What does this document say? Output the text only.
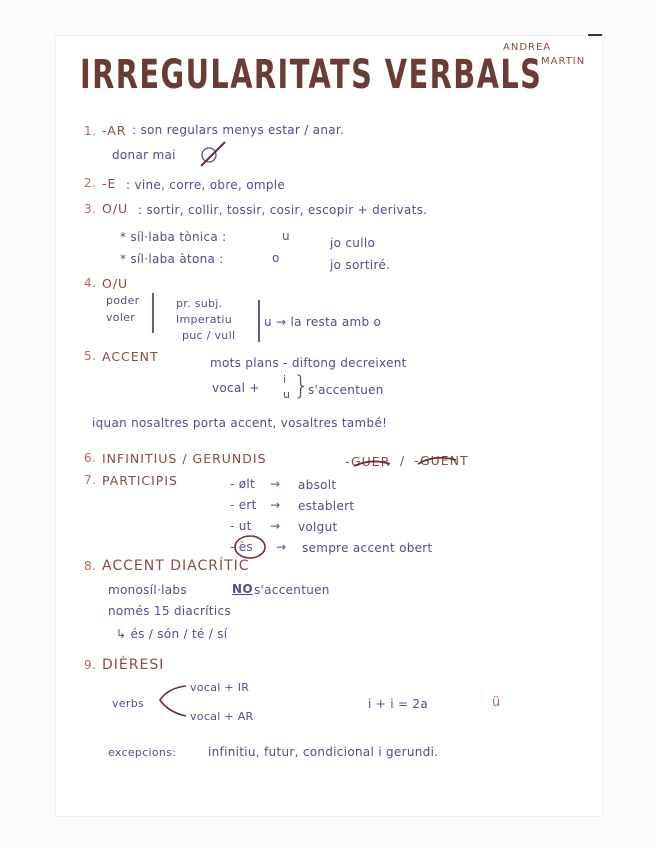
ANDREA
MARTIN
IRREGULARITATS VERBALS
1. -AR : son regulars menys estar / anar.
donar mai
2. -E : vine, corre, obre, omple
3. O/U : sortir, collir, tossir, cosir, escopir + derivats.
* síl·laba tònica :	u	jo cullo
* síl·laba àtona :	o	jo sortiré.
4. O/U
poder
voler
pr. subj.
Imperatiu
puc / vull
u → la resta amb o
5. ACCENT	mots plans - diftong decreixent
vocal +
i
u }
s'accentuen
iquan nosaltres porta accent, vosaltres també!
6. INFINITIUS / GERUNDIS	-GUER / -GUENT
7. PARTICIPIS	- ølt → absolt
- ert → establert
- ut → volgut
- ès → sempre accent obert
8. ACCENT DIACRÍTIC
monosíl·labs	NO s'accentuen
només 15 diacrítics
↳ és / són / té / sí
9. DIÈRESI
verbs
vocal + IR
vocal + AR
i + i = 2a	ü
excepcions:	infinitiu, futur, condicional i gerundi.
